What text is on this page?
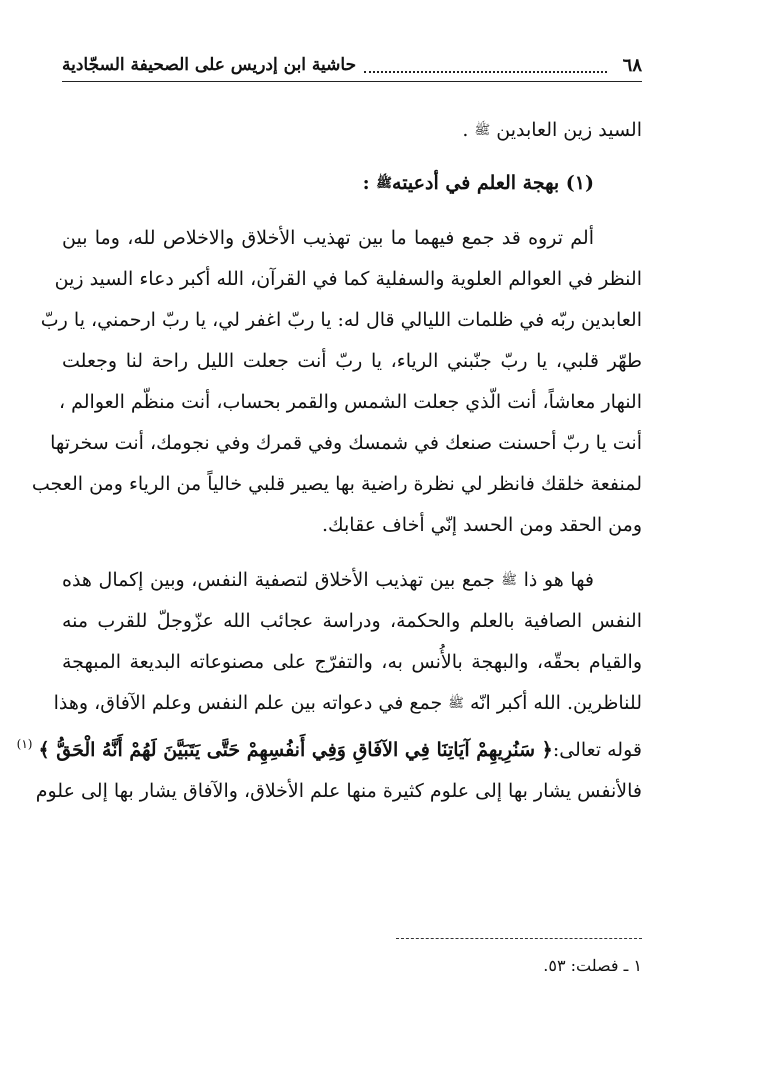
٦٨
حاشية ابن إدريس على الصحيفة السجّادية
السيد زين العابدين ﷺ .
(١) بهجة العلم في أدعيتهﷺ :
ألم تروه قد جمع فيهما ما بين تهذيب الأخلاق والاخلاص لله، وما بين
النظر في العوالم العلوية والسفلية كما في القرآن، الله أكبر دعاء السيد زين
العابدين ربّه في ظلمات الليالي قال له: يا ربّ اغفر لي، يا ربّ ارحمني، يا ربّ
طهّر قلبي، يا ربّ جنّبني الرياء، يا ربّ أنت جعلت الليل راحة لنا وجعلت
النهار معاشاً، أنت الّذي جعلت الشمس والقمر بحساب، أنت منظّم العوالم ،
أنت يا ربّ أحسنت صنعك في شمسك وفي قمرك وفي نجومك، أنت سخرتها
لمنفعة خلقك فانظر لي نظرة راضية بها يصير قلبي خالياً من الرياء ومن العجب
ومن الحقد ومن الحسد إنّي أخاف عقابك.
فها هو ذا ﷺ جمع بين تهذيب الأخلاق لتصفية النفس، وبين إكمال هذه
النفس الصافية بالعلم والحكمة، ودراسة عجائب الله عزّوجلّ للقرب منه
والقيام بحقّه، والبهجة بالأُنس به، والتفرّج على مصنوعاته البديعة المبهجة
للناظرين. الله أكبر انّه ﷺ جمع في دعواته بين علم النفس وعلم الآفاق، وهذا
قوله تعالى:﴿ سَنُرِيهِمْ آيَاتِنَا فِي الآفَاقِ وَفِي أَنفُسِهِمْ حَتَّى يَتَبَيَّنَ لَهُمْ أَنَّهُ الْحَقُّ ﴾ $^{(١)}$
فالأنفس يشار بها إلى علوم كثيرة منها علم الأخلاق، والآفاق يشار بها إلى علوم
١ ـ فصلت: ٥٣.
